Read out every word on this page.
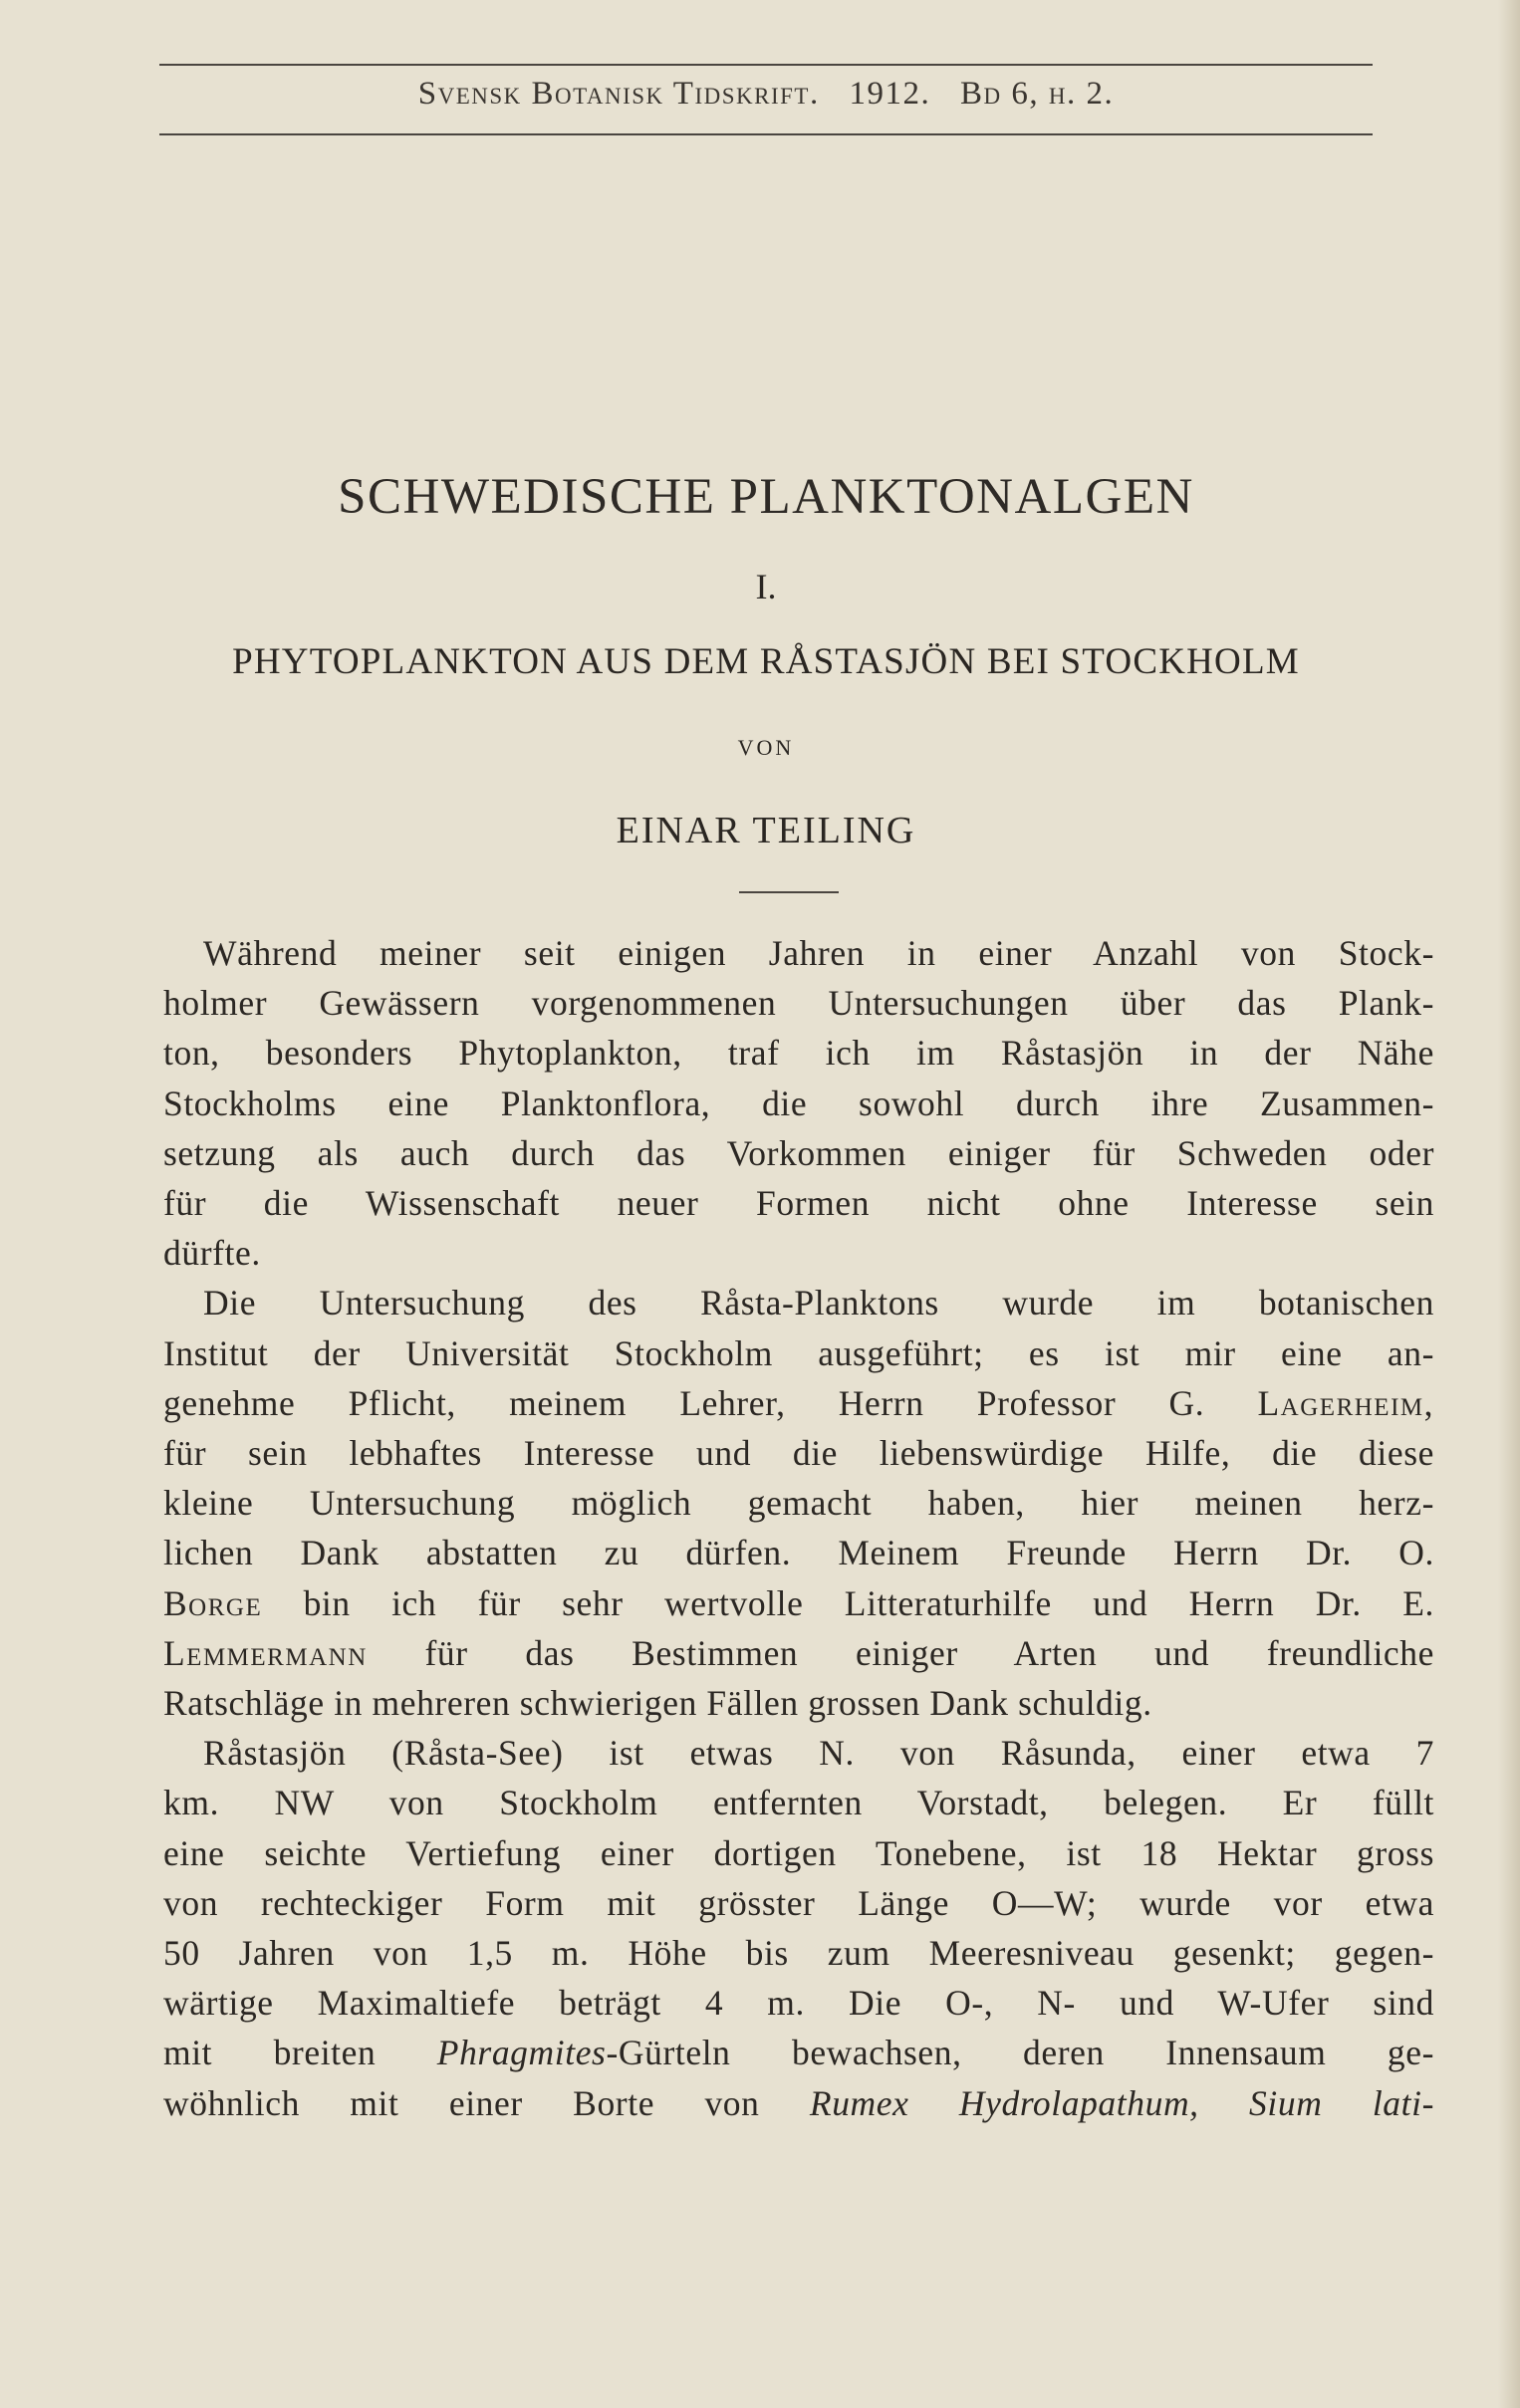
Svensk Botanisk Tidskrift. 1912. Bd 6, h. 2.
SCHWEDISCHE PLANKTONALGEN
I.
PHYTOPLANKTON AUS DEM RÅSTASJÖN BEI STOCKHOLM
VON
EINAR TEILING

Während meiner seit einigen Jahren in einer Anzahl von Stock-
holmer Gewässern vorgenommenen Untersuchungen über das Plank-
ton, besonders Phytoplankton, traf ich im Råstasjön in der Nähe
Stockholms eine Planktonflora, die sowohl durch ihre Zusammen-
setzung als auch durch das Vorkommen einiger für Schweden oder
für die Wissenschaft neuer Formen nicht ohne Interesse sein
dürfte.

Die Untersuchung des Råsta-Planktons wurde im botanischen
Institut der Universität Stockholm ausgeführt; es ist mir eine an-
genehme Pflicht, meinem Lehrer, Herrn Professor G. Lagerheim,
für sein lebhaftes Interesse und die liebenswürdige Hilfe, die diese
kleine Untersuchung möglich gemacht haben, hier meinen herz-
lichen Dank abstatten zu dürfen. Meinem Freunde Herrn Dr. O.
Borge bin ich für sehr wertvolle Litteraturhilfe und Herrn Dr. E.
Lemmermann für das Bestimmen einiger Arten und freundliche
Ratschläge in mehreren schwierigen Fällen grossen Dank schuldig.

Råstasjön (Råsta-See) ist etwas N. von Råsunda, einer etwa 7
km. NW von Stockholm entfernten Vorstadt, belegen. Er füllt
eine seichte Vertiefung einer dortigen Tonebene, ist 18 Hektar gross
von rechteckiger Form mit grösster Länge O—W; wurde vor etwa
50 Jahren von 1,5 m. Höhe bis zum Meeresniveau gesenkt; gegen-
wärtige Maximaltiefe beträgt 4 m. Die O-, N- und W-Ufer sind
mit breiten Phragmites-Gürteln bewachsen, deren Innensaum ge-
wöhnlich mit einer Borte von Rumex Hydrolapathum, Sium lati-
